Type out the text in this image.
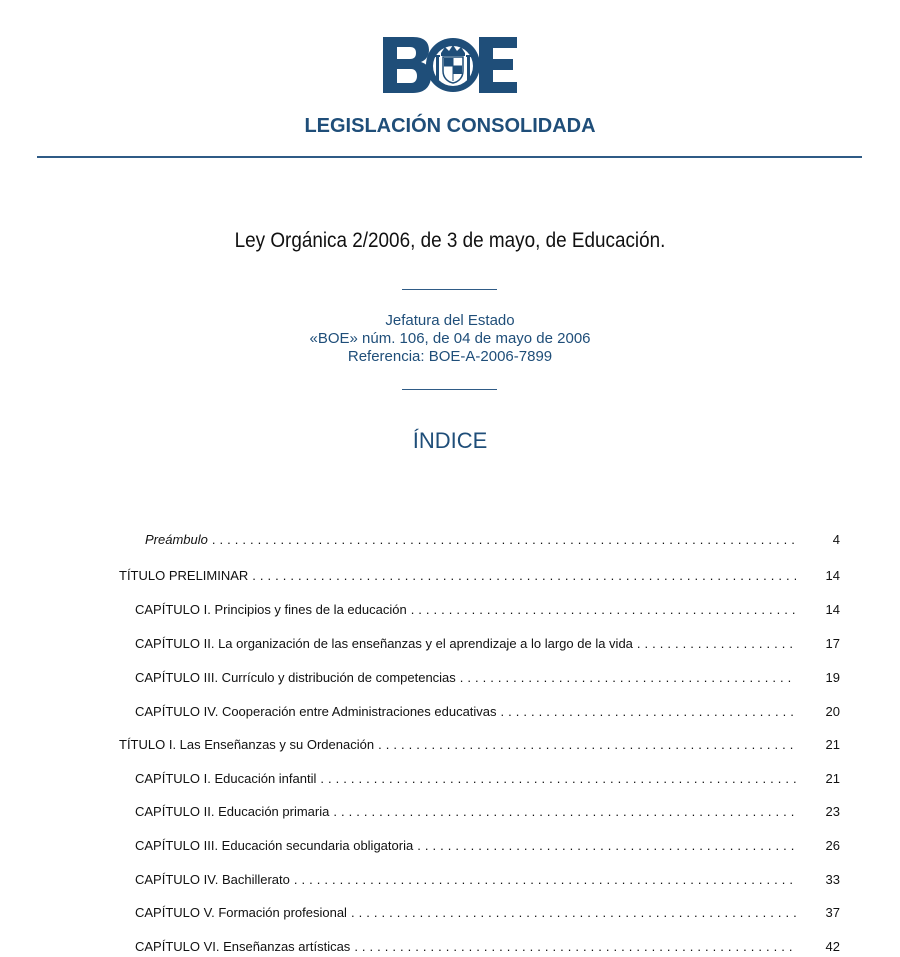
LEGISLACIÓN CONSOLIDADA
Ley Orgánica 2/2006, de 3 de mayo, de Educación.
Jefatura del Estado
«BOE» núm. 106, de 04 de mayo de 2006
Referencia: BOE-A-2006-7899
ÍNDICE
Preámbulo . . .	4
TÍTULO PRELIMINAR . . .	14
CAPÍTULO I. Principios y fines de la educación . . .	14
CAPÍTULO II. La organización de las enseñanzas y el aprendizaje a lo largo de la vida . . .	17
CAPÍTULO III. Currículo y distribución de competencias . . .	19
CAPÍTULO IV. Cooperación entre Administraciones educativas . . .	20
TÍTULO I. Las Enseñanzas y su Ordenación . . .	21
CAPÍTULO I. Educación infantil . . .	21
CAPÍTULO II. Educación primaria . . .	23
CAPÍTULO III. Educación secundaria obligatoria . . .	26
CAPÍTULO IV. Bachillerato . . .	33
CAPÍTULO V. Formación profesional . . .	37
CAPÍTULO VI. Enseñanzas artísticas . . .	42
